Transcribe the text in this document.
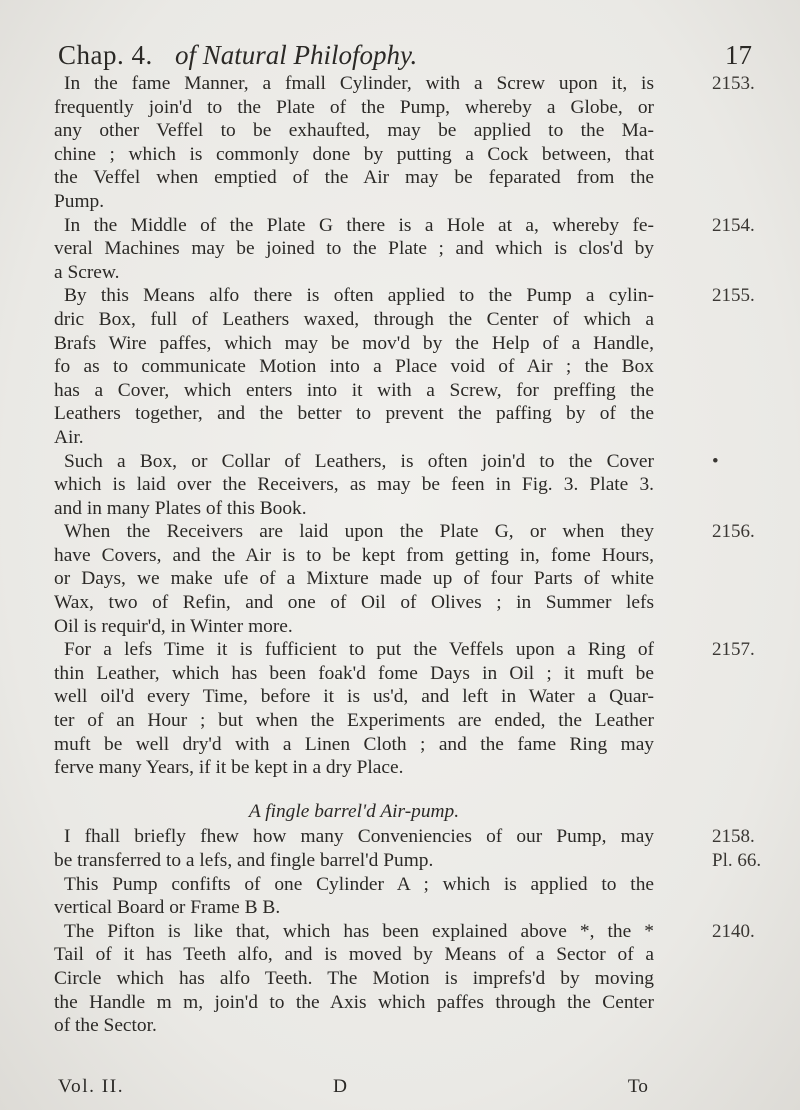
Chap. 4. of Natural Philofophy.	17
In the fame Manner, a fmall Cylinder, with a Screw upon it, is
frequently join'd to the Plate of the Pump, whereby a Globe, or
any other Veffel to be exhaufted, may be applied to the Ma-
chine ; which is commonly done by putting a Cock between, that
the Veffel when emptied of the Air may be feparated from the
Pump.
2153.
In the Middle of the Plate G there is a Hole at a, whereby fe-
veral Machines may be joined to the Plate ; and which is clos'd by
a Screw.
2154.
By this Means alfo there is often applied to the Pump a cylin-
dric Box, full of Leathers waxed, through the Center of which a
Brafs Wire paffes, which may be mov'd by the Help of a Handle,
fo as to communicate Motion into a Place void of Air ; the Box
has a Cover, which enters into it with a Screw, for preffing the
Leathers together, and the better to prevent the paffing by of the
Air.
2155.
Such a Box, or Collar of Leathers, is often join'd to the Cover
which is laid over the Receivers, as may be feen in Fig. 3. Plate 3.
and in many Plates of this Book.
•
When the Receivers are laid upon the Plate G, or when they
have Covers, and the Air is to be kept from getting in, fome Hours,
or Days, we make ufe of a Mixture made up of four Parts of white
Wax, two of Refin, and one of Oil of Olives ; in Summer lefs
Oil is requir'd, in Winter more.
2156.
For a lefs Time it is fufficient to put the Veffels upon a Ring of
thin Leather, which has been foak'd fome Days in Oil ; it muft be
well oil'd every Time, before it is us'd, and left in Water a Quar-
ter of an Hour ; but when the Experiments are ended, the Leather
muft be well dry'd with a Linen Cloth ; and the fame Ring may
ferve many Years, if it be kept in a dry Place.
2157.
A fingle barrel'd Air-pump.
I fhall briefly fhew how many Conveniencies of our Pump, may
be transferred to a lefs, and fingle barrel'd Pump.
2158.
Pl. 66.
This Pump confifts of one Cylinder A ; which is applied to the
vertical Board or Frame B B.
The Pifton is like that, which has been explained above *, the *
Tail of it has Teeth alfo, and is moved by Means of a Sector of a
Circle which has alfo Teeth. The Motion is imprefs'd by moving
the Handle m m, join'd to the Axis which paffes through the Center
of the Sector.
2140.
Vol. II.	D	To
